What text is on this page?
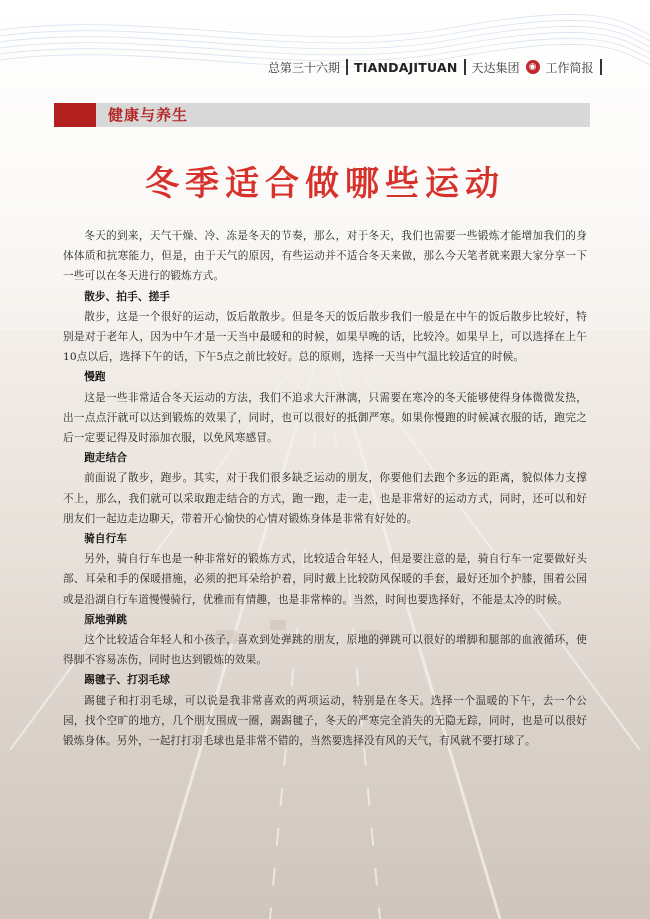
总第三十六期 TIANDAJITUAN 天达集团	◉ 工作简报
健康与养生
冬季适合做哪些运动

冬天的到来，天气干燥、冷、冻是冬天的节奏，那么，对于冬天，我们也需要一些锻炼才能增加我们的身体体质和抗寒能力，但是，由于天气的原因，有些运动并不适合冬天来做，那么今天笔者就来跟大家分享一下一些可以在冬天进行的锻炼方式。

散步、拍手、搓手

散步，这是一个很好的运动，饭后散散步。但是冬天的饭后散步我们一般是在中午的饭后散步比较好，特别是对于老年人，因为中午才是一天当中最暖和的时候，如果早晚的话，比较冷。如果早上，可以选择在上午10点以后，选择下午的话，下午5点之前比较好。总的原则，选择一天当中气温比较适宜的时候。

慢跑

这是一些非常适合冬天运动的方法，我们不追求大汗淋漓，只需要在寒冷的冬天能够使得身体微微发热，出一点点汗就可以达到锻炼的效果了，同时，也可以很好的抵御严寒。如果你慢跑的时候减衣服的话，跑完之后一定要记得及时添加衣服，以免风寒感冒。

跑走结合

前面说了散步，跑步。其实，对于我们很多缺乏运动的朋友，你要他们去跑个多远的距离，貌似体力支撑不上，那么，我们就可以采取跑走结合的方式，跑一跑，走一走，也是非常好的运动方式，同时，还可以和好朋友们一起边走边聊天，带着开心愉快的心情对锻炼身体是非常有好处的。

骑自行车

另外，骑自行车也是一种非常好的锻炼方式，比较适合年轻人，但是要注意的是，骑自行车一定要做好头部、耳朵和手的保暖措施，必须的把耳朵给护着，同时戴上比较防风保暖的手套，最好还加个护膝，围着公园或是沿湖自行车道慢慢骑行，优雅而有情趣，也是非常棒的。当然，时间也要选择好，不能是太冷的时候。

原地弹跳

这个比较适合年轻人和小孩子，喜欢到处弹跳的朋友，原地的弹跳可以很好的增脚和腿部的血液循环，使得脚不容易冻伤，同时也达到锻炼的效果。

踢毽子、打羽毛球

踢毽子和打羽毛球，可以说是我非常喜欢的两项运动，特别是在冬天。选择一个温暖的下午，去一个公园，找个空旷的地方，几个朋友围成一圈，踢踢毽子，冬天的严寒完全消失的无隐无踪，同时，也是可以很好锻炼身体。另外，一起打打羽毛球也是非常不错的，当然要选择没有风的天气，有风就不要打球了。
